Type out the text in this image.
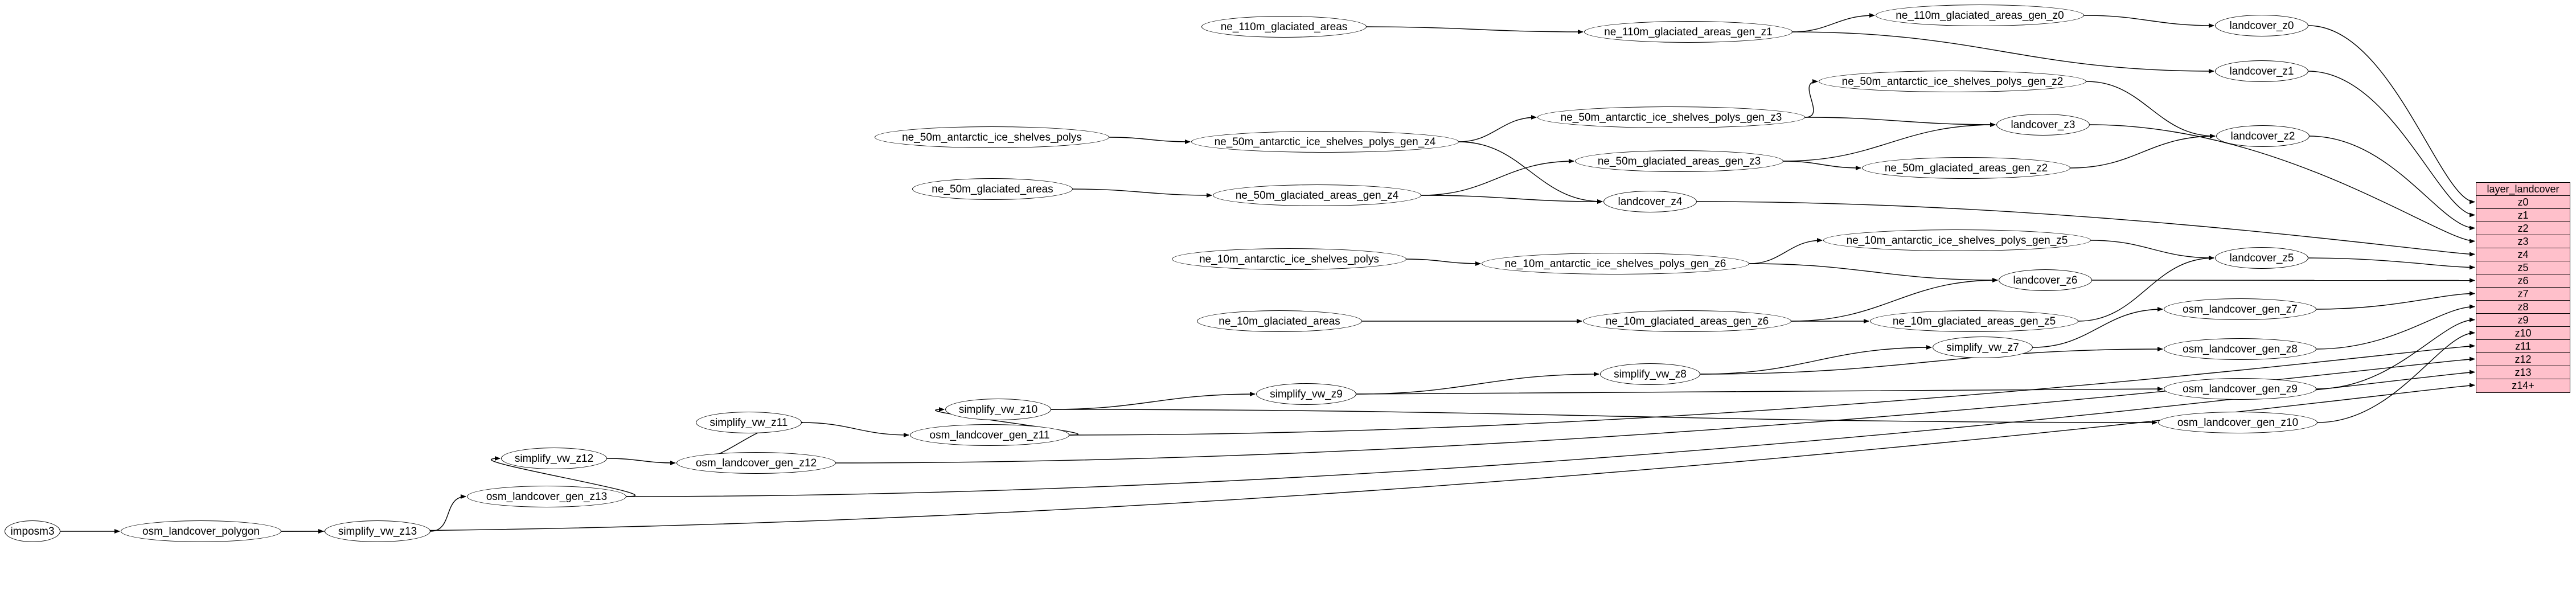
imposm3	osm_landcover_polygon	simplify_vw_z13
osm_landcover_gen_z13
simplify_vw_z12	osm_landcover_gen_z12
simplify_vw_z11
osm_landcover_gen_z11
simplify_vw_z10
simplify_vw_z9
simplify_vw_z8
simplify_vw_z7
osm_landcover_gen_z10
osm_landcover_gen_z9
osm_landcover_gen_z8
osm_landcover_gen_z7
ne_110m_glaciated_areas	ne_110m_glaciated_areas_gen_z1
ne_110m_glaciated_areas_gen_z0
landcover_z0
landcover_z1
ne_50m_antarctic_ice_shelves_polys_gen_z2
ne_50m_antarctic_ice_shelves_polys	ne_50m_antarctic_ice_shelves_polys_gen_z4
ne_50m_antarctic_ice_shelves_polys_gen_z3
landcover_z3
landcover_z2
ne_50m_glaciated_areas
ne_50m_glaciated_areas_gen_z4
ne_50m_glaciated_areas_gen_z3
ne_50m_glaciated_areas_gen_z2
landcover_z4
ne_10m_antarctic_ice_shelves_polys	ne_10m_antarctic_ice_shelves_polys_gen_z6
ne_10m_antarctic_ice_shelves_polys_gen_z5
landcover_z6
landcover_z5
ne_10m_glaciated_areas	ne_10m_glaciated_areas_gen_z6	ne_10m_glaciated_areas_gen_z5
layer_landcover
z0
z1
z2
z3
z4
z5
z6
z7
z8
z9
z10
z11
z12
z13
z14+
